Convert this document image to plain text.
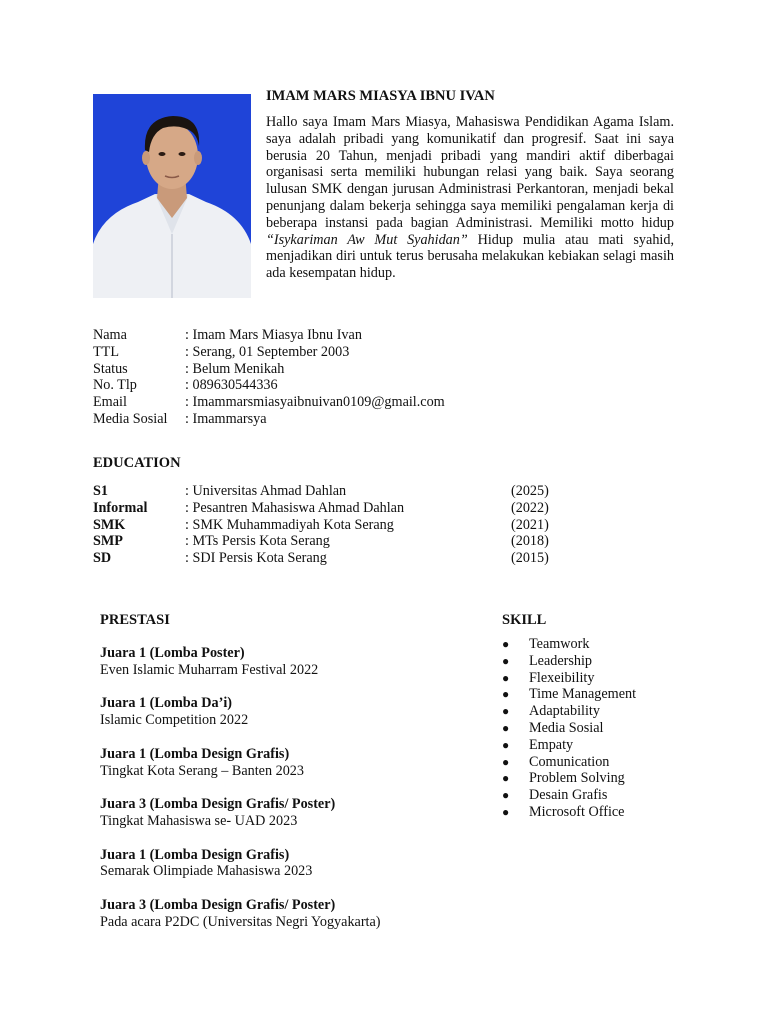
IMAM MARS MIASYA IBNU IVAN
Hallo saya Imam Mars Miasya, Mahasiswa Pendidikan Agama Islam. saya adalah pribadi yang komunikatif dan progresif. Saat ini saya berusia 20 Tahun, menjadi pribadi yang mandiri aktif diberbagai organisasi serta memiliki hubungan relasi yang baik. Saya seorang lulusan SMK dengan jurusan Administrasi Perkantoran, menjadi bekal penunjang dalam bekerja sehingga saya memiliki pengalaman kerja di beberapa instansi pada bagian Administrasi. Memiliki motto hidup “Isykariman Aw Mut Syahidan” Hidup mulia atau mati syahid, menjadikan diri untuk terus berusaha melakukan kebiakan selagi masih ada kesempatan hidup.
Nama	: Imam Mars Miasya Ibnu Ivan
TTL	: Serang, 01 September 2003
Status	: Belum Menikah
No. Tlp	: 089630544336
Email	: Imammarsmiasyaibnuivan0109@gmail.com
Media Sosial	: Imammarsya
EDUCATION
S1	: Universitas Ahmad Dahlan	(2025)
Informal	: Pesantren Mahasiswa Ahmad Dahlan	(2022)
SMK	: SMK Muhammadiyah Kota Serang	(2021)
SMP	: MTs Persis Kota Serang	(2018)
SD	: SDI Persis Kota Serang	(2015)
PRESTASI
Juara 1 (Lomba Poster)
Even Islamic Muharram Festival 2022
Juara 1 (Lomba Da’i)
Islamic Competition 2022
Juara 1 (Lomba Design Grafis)
Tingkat Kota Serang – Banten 2023
Juara 3 (Lomba Design Grafis/ Poster)
Tingkat Mahasiswa se- UAD 2023
Juara 1 (Lomba Design Grafis)
Semarak Olimpiade Mahasiswa 2023
Juara 3 (Lomba Design Grafis/ Poster)
Pada acara P2DC (Universitas Negri Yogyakarta)
SKILL
●	Teamwork
●	Leadership
●	Flexeibility
●	Time Management
●	Adaptability
●	Media Sosial
●	Empaty
●	Comunication
●	Problem Solving
●	Desain Grafis
●	Microsoft Office
